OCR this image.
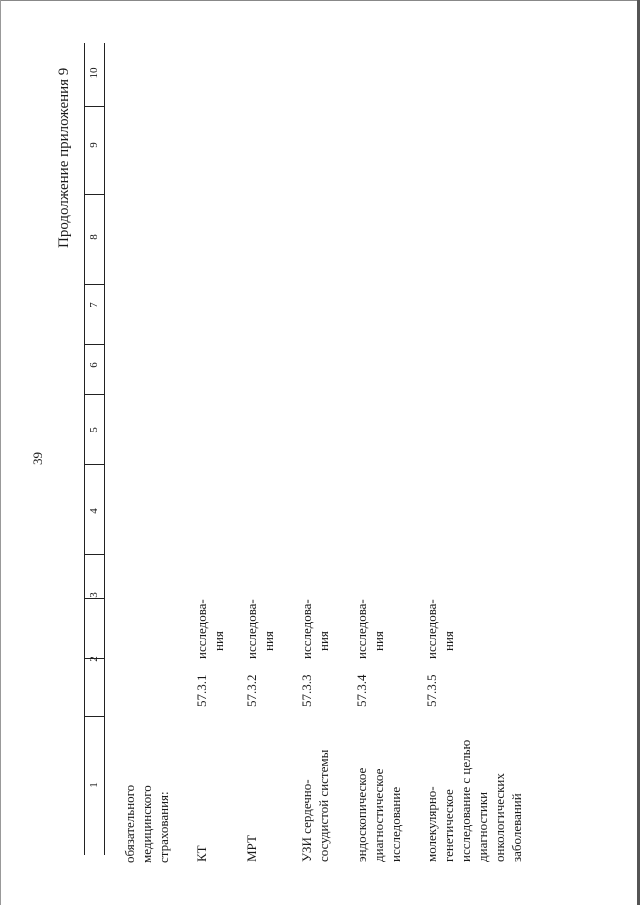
39
Продолжение приложения 9
1
2
3
4
5
6
7
8
9
10
обязательного медицинского страхования: КТ
57.3.1
исследова- ния
МРТ
57.3.2
исследова- ния
УЗИ сердечно- сосудистой системы
57.3.3
исследова- ния
эндоскопическое диагностическое исследование
57.3.4
исследова- ния
молекулярно- генетическое исследование с целью диагностики онкологических заболеваний
57.3.5
исследова- ния
